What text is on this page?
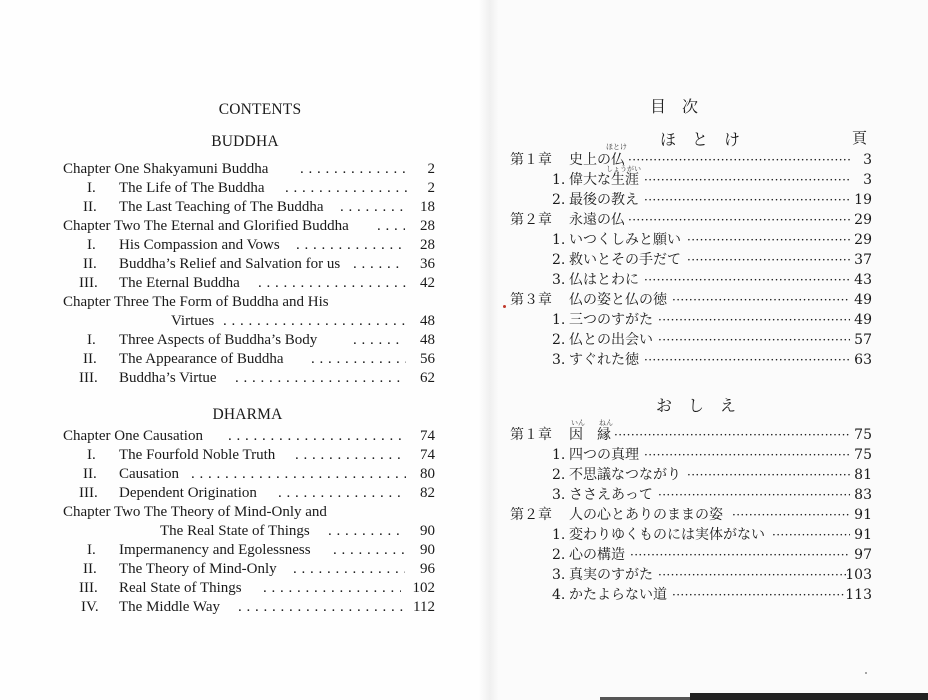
CONTENTS
BUDDHA
Chapter One Shakyamuni Buddha . . .	2
I. The Life of The Buddha . . .	2
II. The Last Teaching of The Buddha . . .	18
Chapter Two The Eternal and Glorified Buddha . . .	28
I. His Compassion and Vows . . .	28
II. Buddha’s Relief and Salvation for us . . .	36
III. The Eternal Buddha . . .	42
Chapter Three The Form of Buddha and His
Virtues . . .	48
I. Three Aspects of Buddha’s Body . . .	48
II. The Appearance of Buddha . . .	56
III. Buddha’s Virtue . . .	62
DHARMA
Chapter One Causation . . .	74
I. The Fourfold Noble Truth . . .	74
II. Causation . . .	80
III. Dependent Origination . . .	82
Chapter Two The Theory of Mind-Only and
The Real State of Things . . .	90
I. Impermanency and Egolessness . . .	90
II. The Theory of Mind-Only . . .	96
III. Real State of Things . . .	102
IV. The Middle Way . . .	112
目　次
ほ　と　け	頁
第１章 史上の仏 ·····	3
ほとけ
1. 偉大な生涯 ·····	3
しょうがい
2. 最後の教え ·····	19
第２章 永遠の仏 ·····	29
1. いつくしみと願い ·····	29
2. 救いとその手だて ·····	37
3. 仏はとわに ·····	43
第３章 仏の姿と仏の徳 ·····	49
1. 三つのすがた ·····	49
2. 仏との出会い ·····	57
3. すぐれた徳 ·····	63
お　し　え
第１章 因　縁 ·····	75
いん　　ねん
1. 四つの真理 ·····	75
2. 不思議なつながり ·····	81
3. ささえあって ·····	83
第２章 人の心とありのままの姿 ·····	91
1. 変わりゆくものには実体がない ·····	91
2. 心の構造 ·····	97
3. 真実のすがた ·····	103
4. かたよらない道 ·····	113
